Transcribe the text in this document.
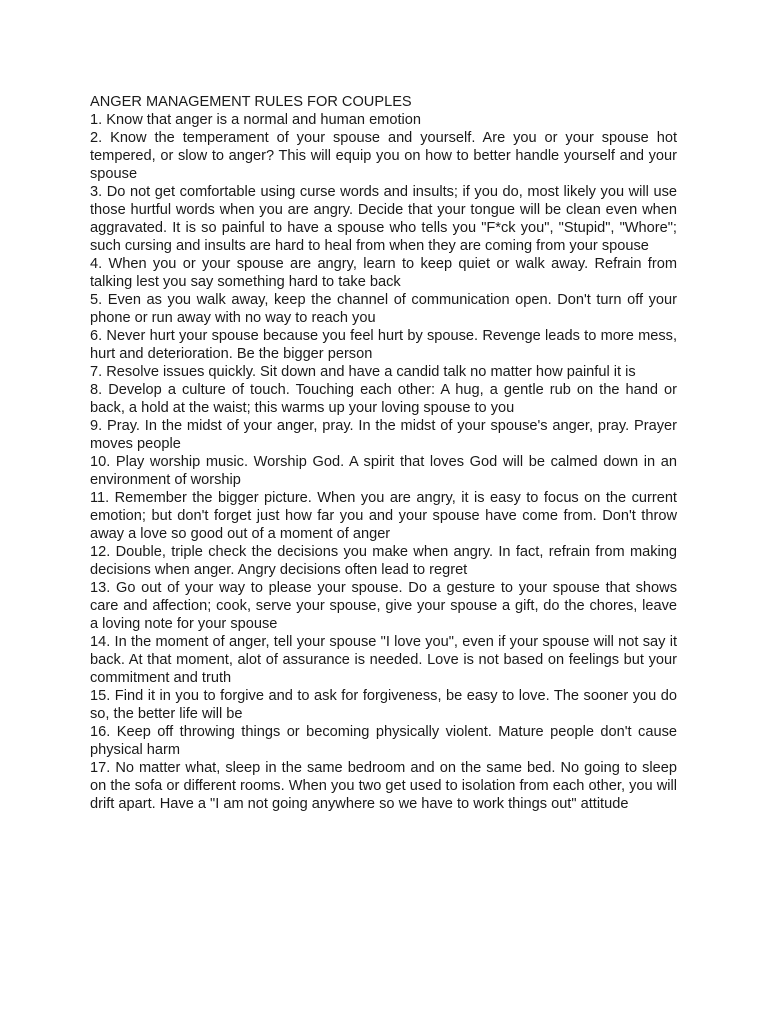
ANGER MANAGEMENT RULES FOR COUPLES

1. Know that anger is a normal and human emotion

2. Know the temperament of your spouse and yourself. Are you or your spouse hot tempered, or slow to anger? This will equip you on how to better handle yourself and your spouse

3. Do not get comfortable using curse words and insults; if you do, most likely you will use those hurtful words when you are angry. Decide that your tongue will be clean even when aggravated. It is so painful to have a spouse who tells you "F*ck you", "Stupid", "Whore"; such cursing and insults are hard to heal from when they are coming from your spouse

4. When you or your spouse are angry, learn to keep quiet or walk away. Refrain from talking lest you say something hard to take back

5. Even as you walk away, keep the channel of communication open. Don't turn off your phone or run away with no way to reach you

6. Never hurt your spouse because you feel hurt by spouse. Revenge leads to more mess, hurt and deterioration. Be the bigger person

7. Resolve issues quickly. Sit down and have a candid talk no matter how painful it is

8. Develop a culture of touch. Touching each other: A hug, a gentle rub on the hand or back, a hold at the waist; this warms up your loving spouse to you

9. Pray. In the midst of your anger, pray. In the midst of your spouse's anger, pray. Prayer moves people

10. Play worship music. Worship God. A spirit that loves God will be calmed down in an environment of worship

11. Remember the bigger picture. When you are angry, it is easy to focus on the current emotion; but don't forget just how far you and your spouse have come from. Don't throw away a love so good out of a moment of anger

12. Double, triple check the decisions you make when angry. In fact, refrain from making decisions when anger. Angry decisions often lead to regret

13. Go out of your way to please your spouse. Do a gesture to your spouse that shows care and affection; cook, serve your spouse, give your spouse a gift, do the chores, leave a loving note for your spouse

14. In the moment of anger, tell your spouse "I love you", even if your spouse will not say it back. At that moment, alot of assurance is needed. Love is not based on feelings but your commitment and truth

15. Find it in you to forgive and to ask for forgiveness, be easy to love. The sooner you do so, the better life will be

16. Keep off throwing things or becoming physically violent. Mature people don't cause physical harm

17. No matter what, sleep in the same bedroom and on the same bed. No going to sleep on the sofa or different rooms. When you two get used to isolation from each other, you will drift apart. Have a "I am not going anywhere so we have to work things out" attitude
